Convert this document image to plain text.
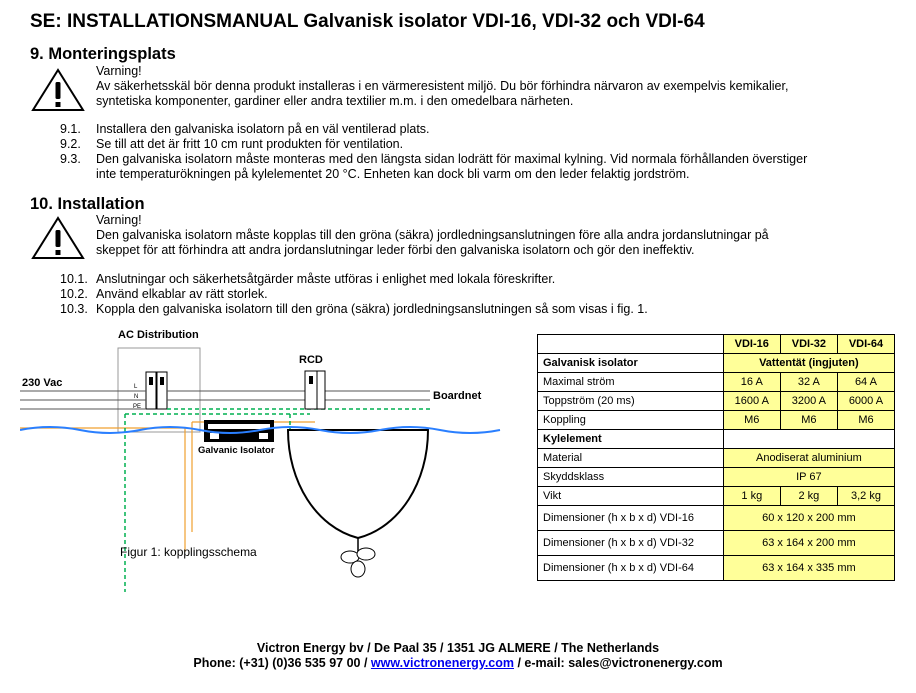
SE: INSTALLATIONSMANUAL Galvanisk isolator VDI-16, VDI-32 och VDI-64
9. Monteringsplats
Varning!
Av säkerhetsskäl bör denna produkt installeras i en värmeresistent miljö. Du bör förhindra närvaron av exempelvis kemikalier,
syntetiska komponenter, gardiner eller andra textilier m.m. i den omedelbara närheten.
9.1. Installera den galvaniska isolatorn på en väl ventilerad plats.
9.2. Se till att det är fritt 10 cm runt produkten för ventilation.
9.3. Den galvaniska isolatorn måste monteras med den längsta sidan lodrätt för maximal kylning. Vid normala förhållanden överstiger
inte temperaturökningen på kylelementet 20 °C. Enheten kan dock bli varm om den leder felaktig jordström.
10. Installation
Varning!
Den galvaniska isolatorn måste kopplas till den gröna (säkra) jordledningsanslutningen före alla andra jordanslutningar på
skeppet för att förhindra att andra jordanslutningar leder förbi den galvaniska isolatorn och gör den ineffektiv.
10.1. Anslutningar och säkerhetsåtgärder måste utföras i enlighet med lokala föreskrifter.
10.2. Använd elkablar av rätt storlek.
10.3. Koppla den galvaniska isolatorn till den gröna (säkra) jordledningsanslutningen så som visas i fig. 1.
AC Distribution
L
N
PE
230 Vac
Boardnet
RCD
Galvanic Isolator
Figur 1: kopplingsschema
	VDI-16	VDI-32	VDI-64
Galvanisk isolator	Vattentät (ingjuten)		
Maximal ström	16 A	32 A	64 A
Toppström (20 ms)	1600 A	3200 A	6000 A
Koppling	M6	M6	M6
Kylelement			
Material	Anodiserat aluminium		
Skyddsklass	IP 67		
Vikt	1 kg	2 kg	3,2 kg
Dimensioner (h x b x d) VDI-16	60 x 120 x 200 mm		
Dimensioner (h x b x d) VDI-32	63 x 164 x 200 mm		
Dimensioner (h x b x d) VDI-64	63 x 164 x 335 mm		
Victron Energy bv / De Paal 35 / 1351 JG ALMERE / The Netherlands
Phone: (+31) (0)36 535 97 00 / www.victronenergy.com / e-mail: sales@victronenergy.com
